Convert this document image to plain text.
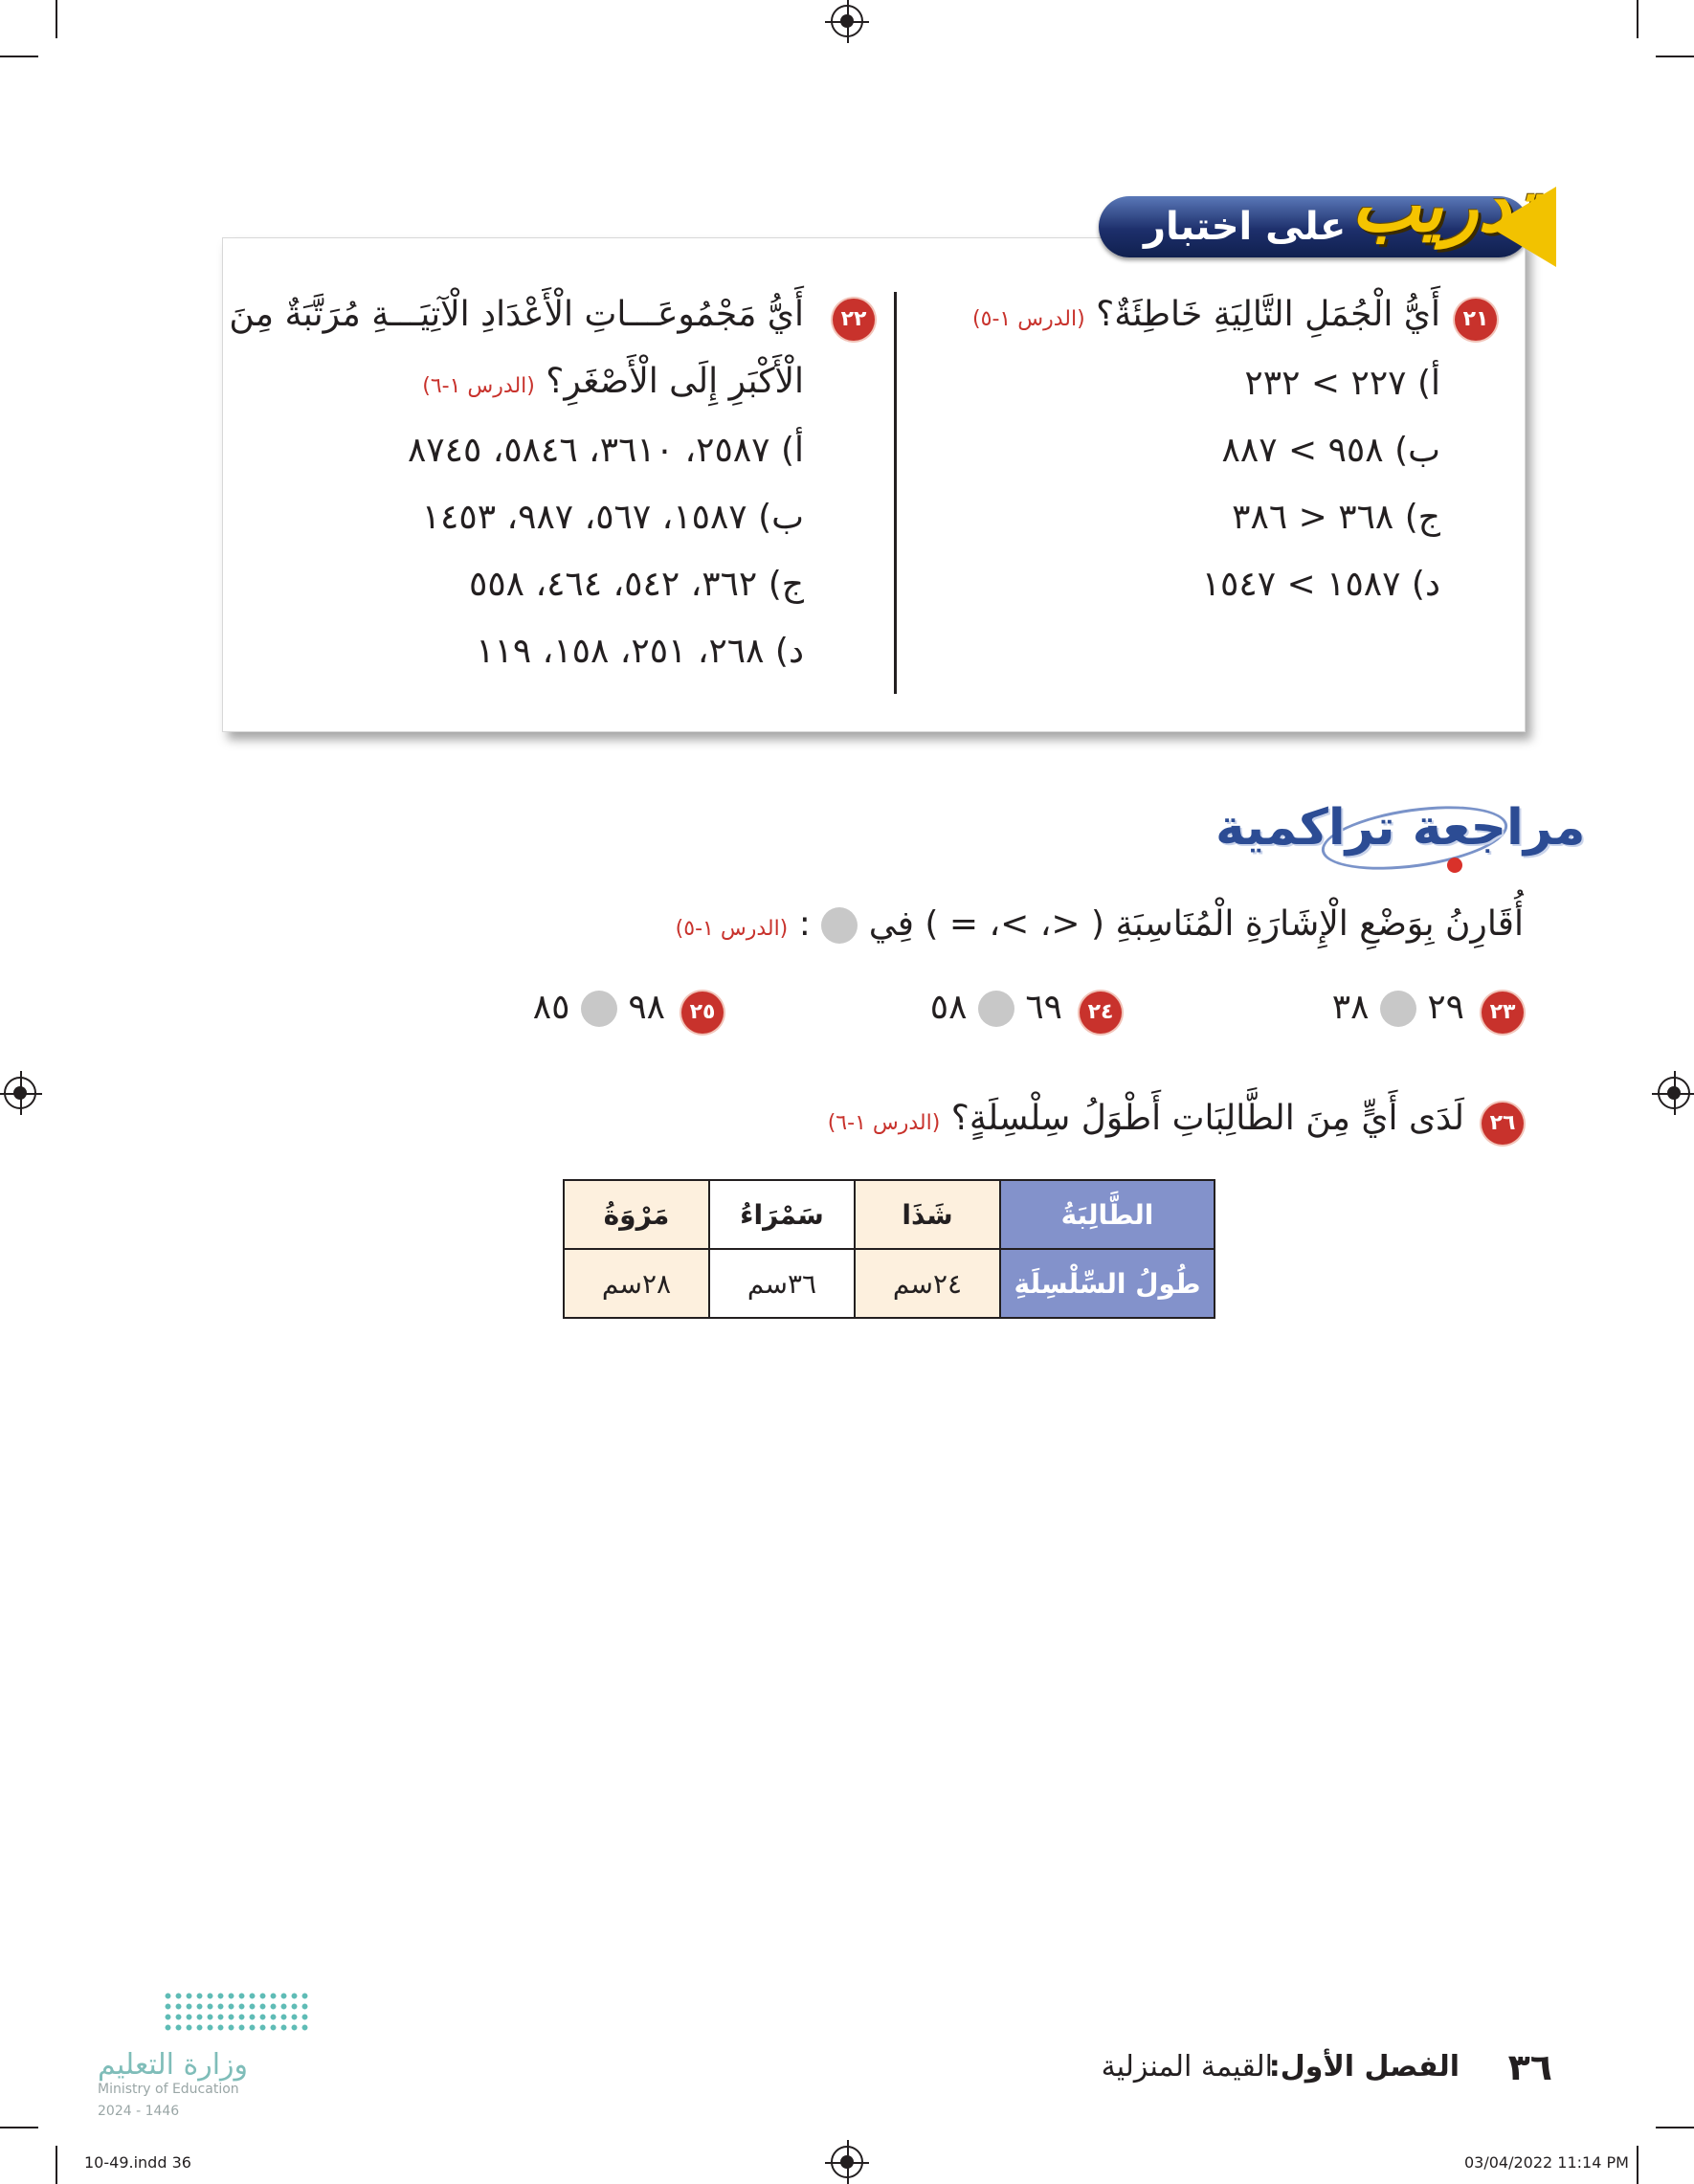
على اختبار تدريب
٢١
أَيُّ الْجُمَلِ التَّالِيَةِ خَاطِئَةٌ؟ (الدرس ١-٥)
أ) ٢٢٧ > ٢٣٢
ب) ٩٥٨ > ٨٨٧
ج) ٣٦٨ < ٣٨٦
د) ١٥٨٧ > ١٥٤٧
٢٢
أَيُّ مَجْمُوعَـــاتِ الْأَعْدَادِ الْآتِيَـــةِ مُرَتَّبَةٌ مِنَ
الْأَكْبَرِ إِلَى الْأَصْغَرِ؟ (الدرس ١-٦)
أ) ٢٥٨٧، ٣٦١٠، ٥٨٤٦، ٨٧٤٥
ب) ١٥٨٧، ٥٦٧، ٩٨٧، ١٤٥٣
ج) ٣٦٢، ٥٤٢، ٤٦٤، ٥٥٨
د) ٢٦٨، ٢٥١، ١٥٨، ١١٩
مراجعة تراكمية
أُقَارِنُ بِوَضْعِ الْإِشَارَةِ الْمُنَاسِبَةِ ( <، >، = ) فِي  : (الدرس ١-٥)
٢٣
٢٩  ٣٨
٢٤
٦٩  ٥٨
٢٥
٩٨  ٨٥
٢٦
لَدَى أَيٍّ مِنَ الطَّالِبَاتِ أَطْوَلُ سِلْسِلَةٍ؟ (الدرس ١-٦)
الطَّالِبَةُ	شَذَا	سَمْرَاءُ	مَرْوَةُ
طُولُ السِّلْسِلَةِ	٢٤سم	٣٦سم	٢٨سم
٣٦
الفصل الأول:
القيمة المنزلية
وزارة التعليم
Ministry of Education
2024 - 1446
10-49.indd 36	03/04/2022 11:14 PM
